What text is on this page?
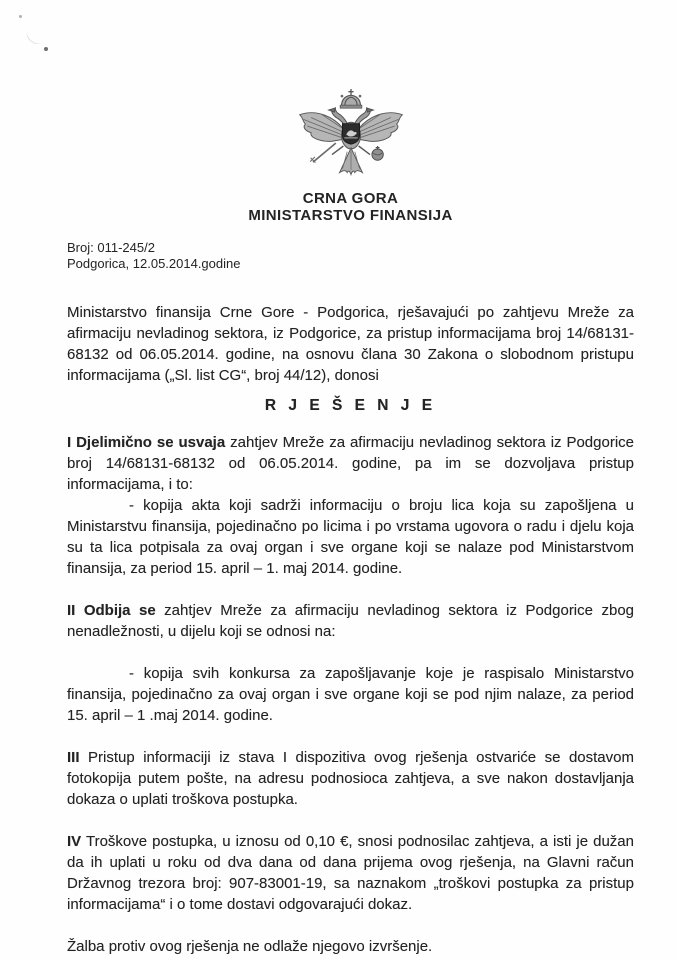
CRNA GORA
MINISTARSTVO FINANSIJA
Broj: 011-245/2
Podgorica, 12.05.2014.godine

Ministarstvo finansija Crne Gore - Podgorica, rješavajući po zahtjevu Mreže za afirmaciju nevladinog sektora, iz Podgorice, za pristup informacijama broj 14/68131-68132 od 06.05.2014. godine, na osnovu člana 30 Zakona o slobodnom pristupu informacijama („Sl. list CG“, broj 44/12), donosi

R J E Š E N J E

I Djelimično se usvaja zahtjev Mreže za afirmaciju nevladinog sektora iz Podgorice broj 14/68131-68132 od 06.05.2014. godine, pa im se dozvoljava pristup informacijama, i to:

- kopija akta koji sadrži informaciju o broju lica koja su zapošljena u Ministarstvu finansija, pojedinačno po licima i po vrstama ugovora o radu i djelu koja su ta lica potpisala za ovaj organ i sve organe koji se nalaze pod Ministarstvom finansija, za period 15. april – 1. maj 2014. godine.

II Odbija se zahtjev Mreže za afirmaciju nevladinog sektora iz Podgorice zbog nenadležnosti, u dijelu koji se odnosi na:

- kopija svih konkursa za zapošljavanje koje je raspisalo Ministarstvo finansija, pojedinačno za ovaj organ i sve organe koji se pod njim nalaze, za period 15. april – 1 .maj 2014. godine.

III Pristup informaciji iz stava I dispozitiva ovog rješenja ostvariće se dostavom fotokopija putem pošte, na adresu podnosioca zahtjeva, a sve nakon dostavljanja dokaza o uplati troškova postupka.

IV Troškove postupka, u iznosu od 0,10 €, snosi podnosilac zahtjeva, a isti je dužan da ih uplati u roku od dva dana od dana prijema ovog rješenja, na Glavni račun Državnog trezora broj: 907-83001-19, sa naznakom „troškovi postupka za pristup informacijama“ i o tome dostavi odgovarajući dokaz.

Žalba protiv ovog rješenja ne odlaže njegovo izvršenje.
